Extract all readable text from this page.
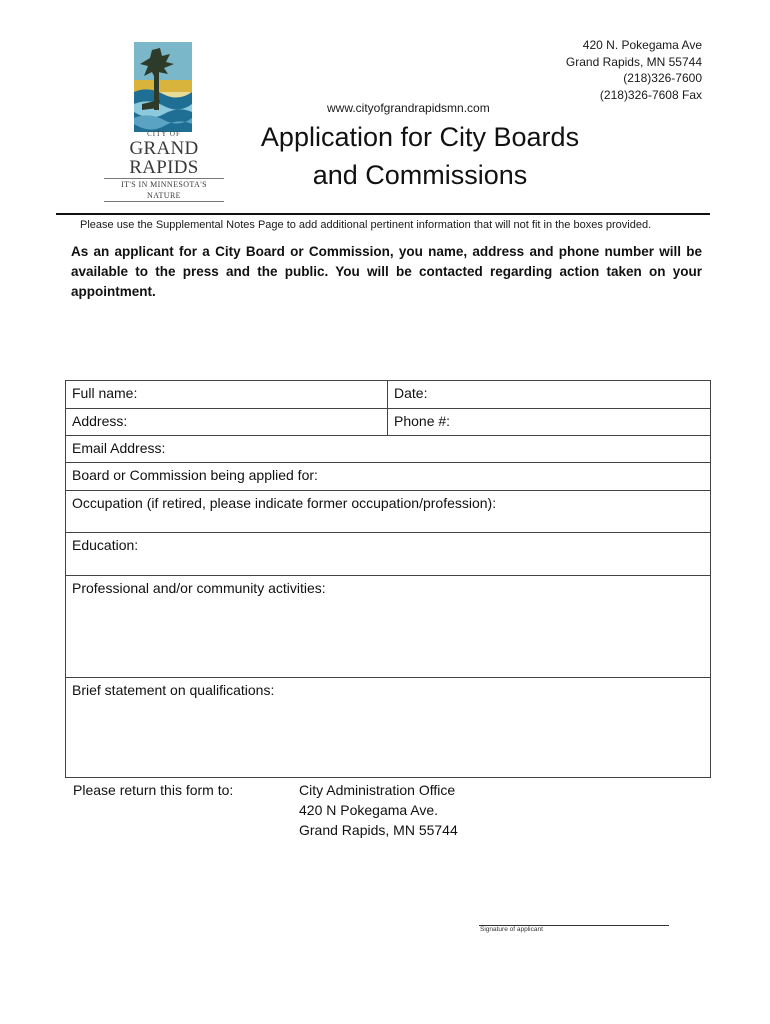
CITY OF
GRAND RAPIDS
IT'S IN MINNESOTA'S NATURE
420 N. Pokegama Ave
Grand Rapids, MN 55744
(218)326-7600
(218)326-7608 Fax
www.cityofgrandrapidsmn.com
Application for City Boards
and Commissions
Please use the Supplemental Notes Page to add additional pertinent information that will not fit in the boxes provided.
As an applicant for a City Board or Commission, you name, address and phone number will be available to the press and the public. You will be contacted regarding action taken on your appointment.
Full name:	Date:
Address:	Phone #:
Email Address:	
Board or Commission being applied for:	
Occupation (if retired, please indicate former occupation/profession):	
Education:	
Professional and/or community activities:	
Brief statement on qualifications:	
Please return this form to:	City Administration Office
420 N Pokegama Ave.
Grand Rapids, MN 55744
Signature of applicant
